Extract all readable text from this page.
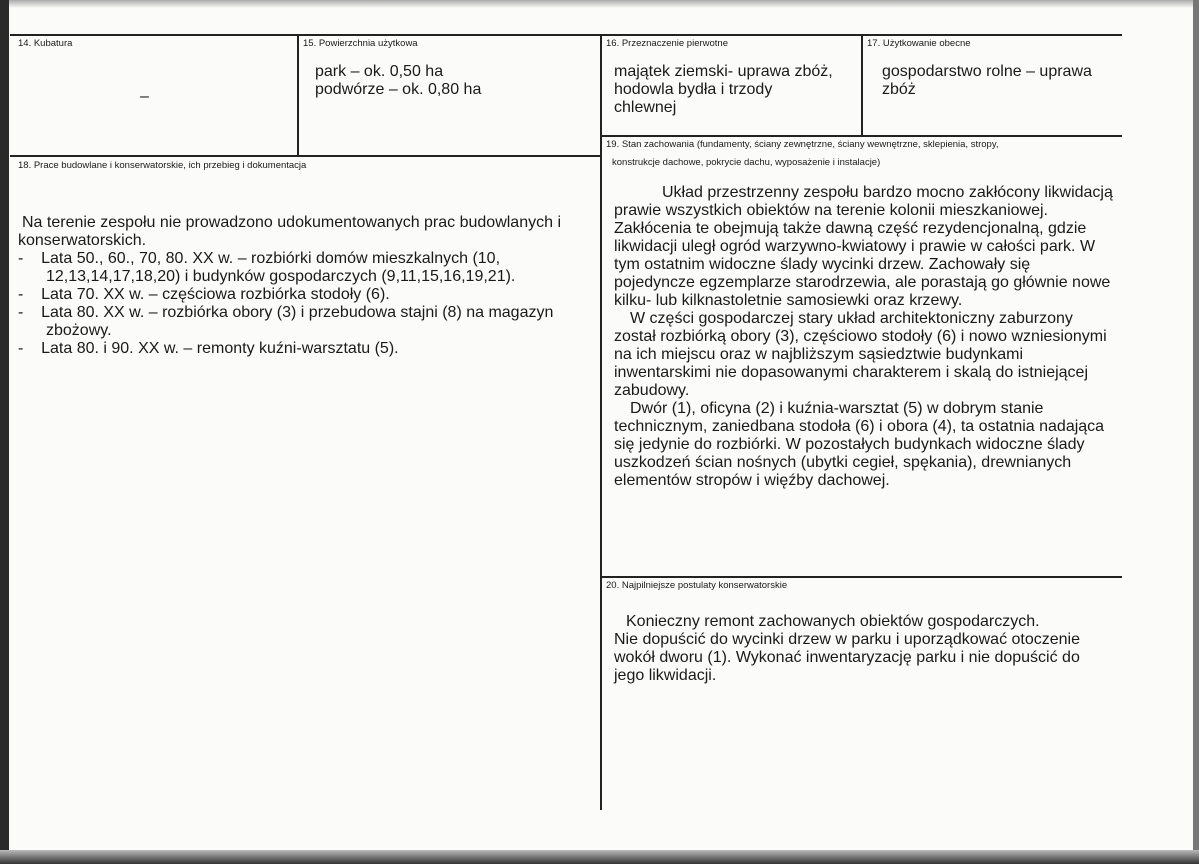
14. Kubatura
–
15. Powierzchnia użytkowa

park – ok. 0,50 ha

podwórze – ok. 0,80 ha

16. Przeznaczenie pierwotne

majątek ziemski- uprawa zbóż,

hodowla bydła i trzody

chlewnej

17. Użytkowanie obecne

gospodarstwo rolne – uprawa

zbóż

18. Prace budowlane i konserwatorskie, ich przebieg i dokumentacja

Na terenie zespołu nie prowadzono udokumentowanych prac budowlanych i konserwatorskich.

-    Lata 50., 60., 70, 80. XX w. – rozbiórki domów mieszkalnych (10, 12,13,14,17,18,20) i budynków gospodarczych (9,11,15,16,19,21).

-    Lata 70. XX w. – częściowa rozbiórka stodoły (6).

-    Lata 80. XX w. – rozbiórka obory (3) i przebudowa stajni (8) na magazyn zbożowy.

-    Lata 80. i 90. XX w. – remonty kuźni-warsztatu (5).

19. Stan zachowania (fundamenty, ściany zewnętrzne, ściany wewnętrzne, sklepienia, stropy,
konstrukcje dachowe, pokrycie dachu, wyposażenie i instalacje)

Układ przestrzenny zespołu bardzo mocno zakłócony likwidacją prawie wszystkich obiektów na terenie kolonii mieszkaniowej. Zakłócenia te obejmują także dawną część rezydencjonalną, gdzie likwidacji uległ ogród warzywno-kwiatowy i prawie w całości park. W tym ostatnim widoczne ślady wycinki drzew. Zachowały się pojedyncze egzemplarze starodrzewia, ale porastają go głównie nowe kilku- lub kilknastoletnie samosiewki oraz krzewy.

W części gospodarczej stary układ architektoniczny zaburzony został rozbiórką obory (3), częściowo stodoły (6) i nowo wzniesionymi na ich miejscu oraz w najbliższym sąsiedztwie budynkami inwentarskimi nie dopasowanymi charakterem i skalą do istniejącej zabudowy.

Dwór (1), oficyna (2) i kuźnia-warsztat (5) w dobrym stanie technicznym, zaniedbana stodoła (6) i obora (4), ta ostatnia nadająca się jedynie do rozbiórki. W pozostałych budynkach widoczne ślady uszkodzeń ścian nośnych (ubytki cegieł, spękania), drewnianych elementów stropów i więźby dachowej.

20. Najpilniejsze postulaty konserwatorskie

Konieczny remont zachowanych obiektów gospodarczych.

Nie dopuścić do wycinki drzew w parku i uporządkować otoczenie wokół dworu (1). Wykonać inwentaryzację parku i nie dopuścić do jego likwidacji.
